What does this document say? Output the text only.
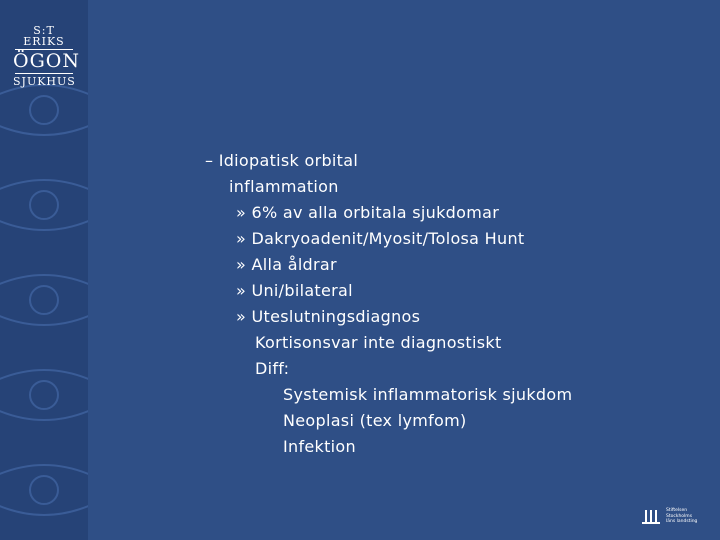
S:T ERIKS
ÖGON
SJUKHUS
– Idiopatisk orbital
inflammation
» 6% av alla orbitala sjukdomar
» Dakryoadenit/Myosit/Tolosa Hunt
» Alla åldrar
» Uni/bilateral
» Uteslutningsdiagnos
Kortisonsvar inte diagnostiskt
Diff:
Systemisk inflammatorisk sjukdom
Neoplasi (tex lymfom)
Infektion
Stiftelsen
Stockholms
läns landsting
